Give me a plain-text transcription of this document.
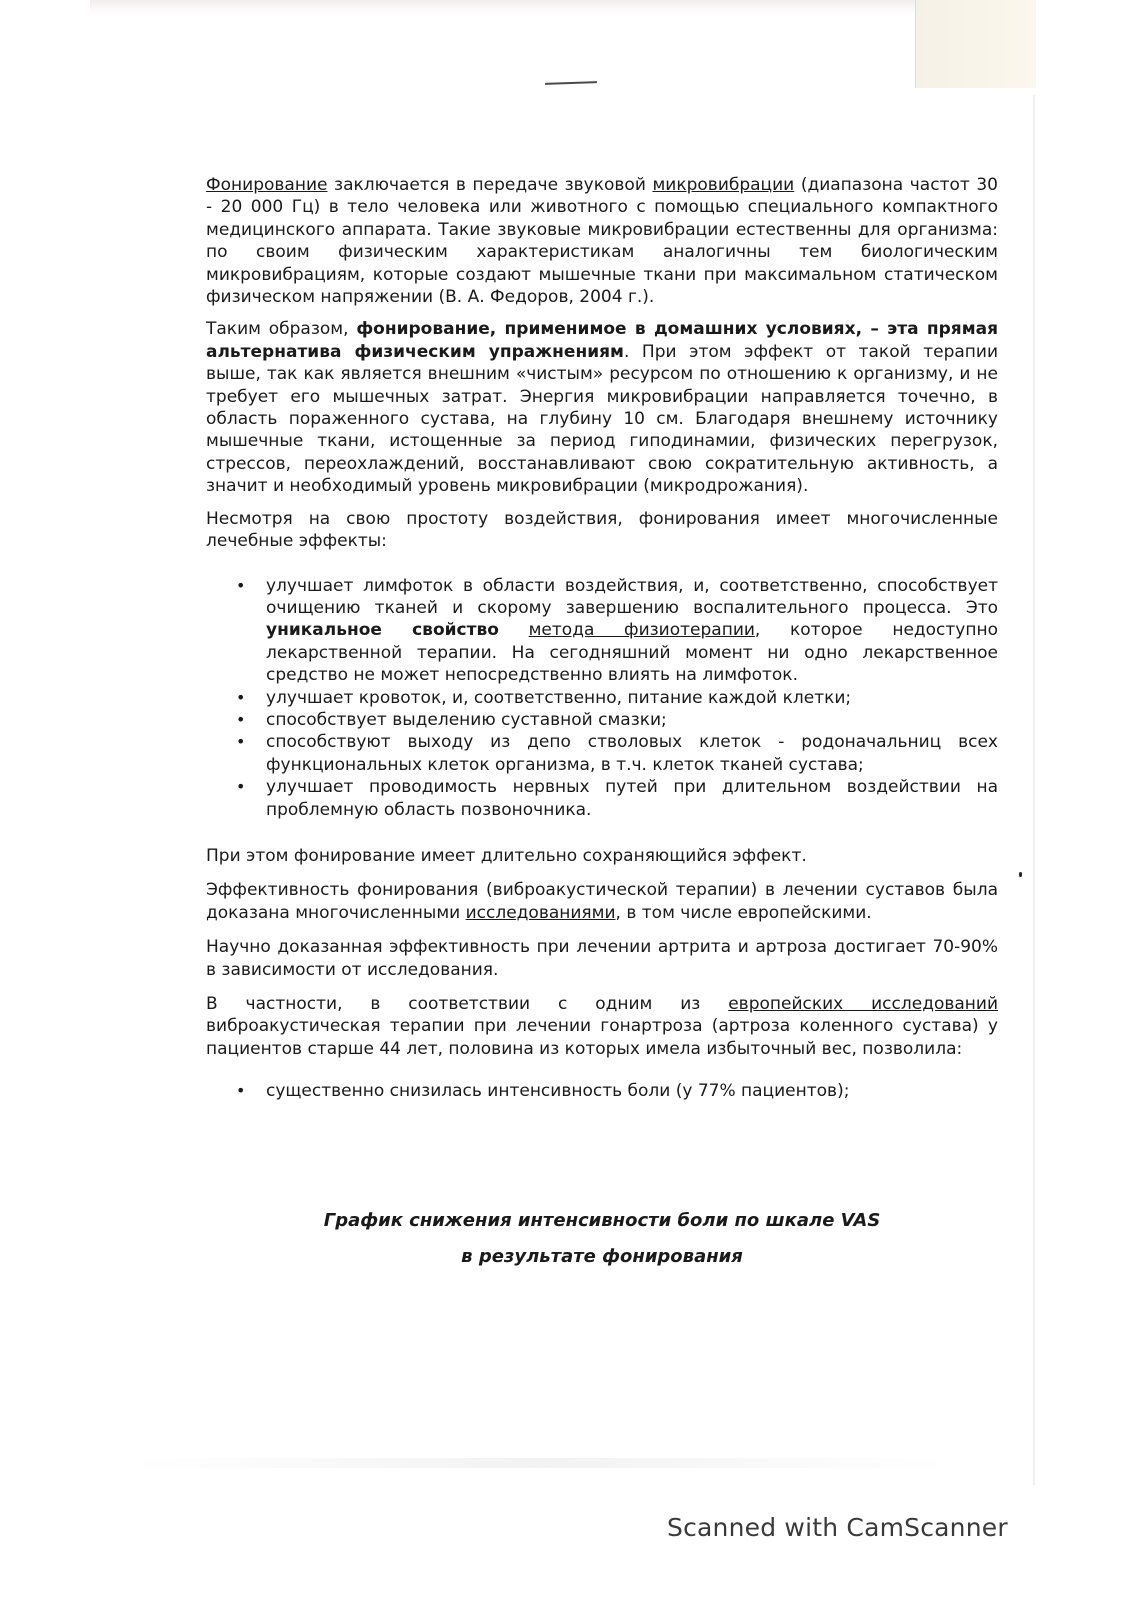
Фонирование заключается в передаче звуковой микровибрации (диапазона частот 30 - 20 000 Гц) в тело человека или животного с помощью специального компактного медицинского аппарата. Такие звуковые микровибрации естественны для организма: по своим физическим характеристикам аналогичны тем биологическим микровибрациям, которые создают мышечные ткани при максимальном статическом физическом напряжении (В. А. Федоров, 2004 г.).

Таким образом, фонирование, применимое в домашних условиях, – эта прямая альтернатива физическим упражнениям. При этом эффект от такой терапии выше, так как является внешним «чистым» ресурсом по отношению к организму, и не требует его мышечных затрат. Энергия микровибрации направляется точечно, в область пораженного сустава, на глубину 10 см. Благодаря внешнему источнику мышечные ткани, истощенные за период гиподинамии, физических перегрузок, стрессов, переохлаждений, восстанавливают свою сократительную активность, а значит и необходимый уровень микровибрации (микродрожания).

Несмотря на свою простоту воздействия, фонирования имеет многочисленные лечебные эффекты:

• улучшает лимфоток в области воздействия, и, соответственно, способствует очищению тканей и скорому завершению воспалительного процесса. Это уникальное свойство метода физиотерапии, которое недоступно лекарственной терапии. На сегодняшний момент ни одно лекарственное средство не может непосредственно влиять на лимфоток.
• улучшает кровоток, и, соответственно, питание каждой клетки;
• способствует выделению суставной смазки;
• способствуют выходу из депо стволовых клеток - родоначальниц всех функциональных клеток организма, в т.ч. клеток тканей сустава;
• улучшает проводимость нервных путей при длительном воздействии на проблемную область позвоночника.

При этом фонирование имеет длительно сохраняющийся эффект.

Эффективность фонирования (виброакустической терапии) в лечении суставов была доказана многочисленными исследованиями, в том числе европейскими.

Научно доказанная эффективность при лечении артрита и артроза достигает 70-90% в зависимости от исследования.

В частности, в соответствии с одним из европейских исследований виброакустическая терапии при лечении гонартроза (артроза коленного сустава) у пациентов старше 44 лет, половина из которых имела избыточный вес, позволила:

• существенно снизилась интенсивность боли (у 77% пациентов);
График снижения интенсивности боли по шкале VAS
в результате фонирования
Scanned with CamScanner
